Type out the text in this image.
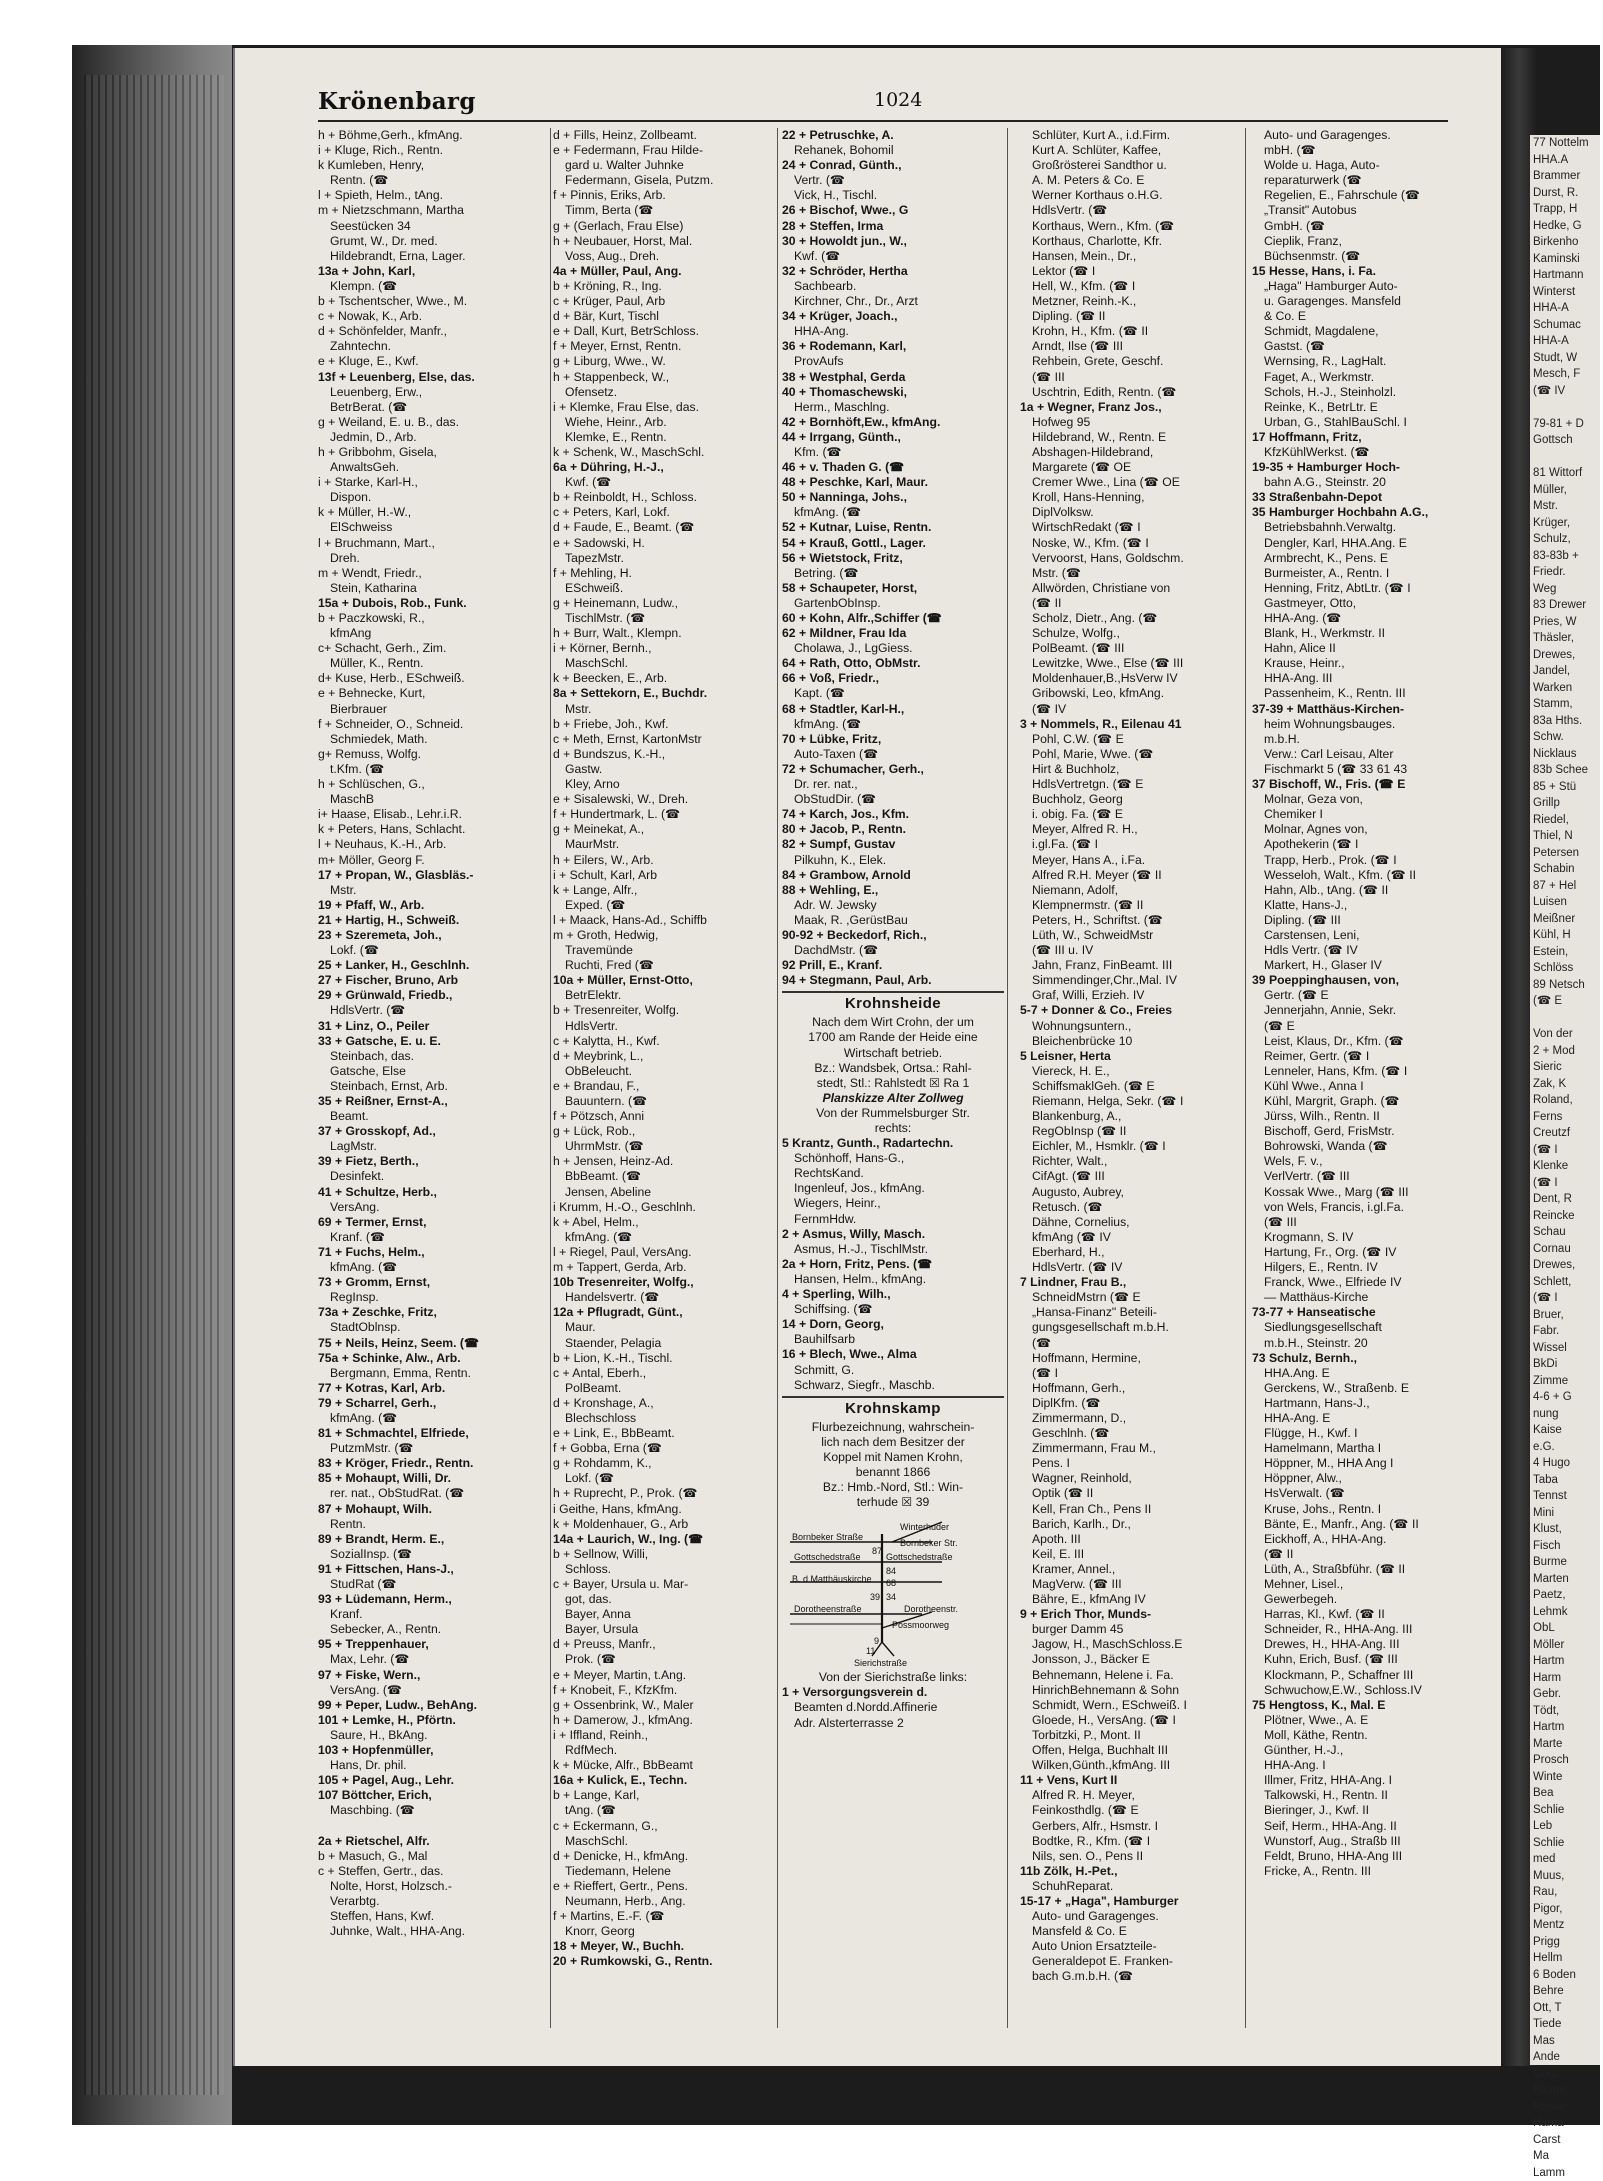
77 Nottelm
HHA.A
Brammer
Durst, R.
Trapp, H
Hedke, G
Birkenho
Kaminski
Hartmann
Winterst
HHA-A
Schumac
HHA-A
Studt, W
Mesch, F
(☎ IV
79-81 + D
Gottsch
81 Wittorf
Müller,
Mstr.
Krüger,
Schulz,
83-83b +
Friedr.
Weg
83 Drewer
Pries, W
Thäsler,
Drewes,
Jandel,
Warken
Stamm,
83a Hths.
Schw.
Nicklaus
83b Schee
85 + Stü
Grillp
Riedel,
Thiel, N
Petersen
Schabin
87 + Hel
Luisen
Meißner
Kühl, H
Estein,
Schlöss
89 Netsch
(☎ E
Von der
2 + Mod
Sieric
Zak, K
Roland,
Ferns
Creutzf
(☎ I
Klenke
(☎ I
Dent, R
Reincke
Schau
Cornau
Drewes,
Schlett,
(☎ I
Bruer,
Fabr.
Wissel
BkDi
Zimme
4-6 + G
nung
Kaise
e.G.
4 Hugo
Taba
Tennst
Mini
Klust,
Fisch
Burme
Marten
Paetz,
Lehmk
ObL
Möller
Hartm
Harm
Gebr.
Tödt,
Hartm
Marte
Prosch
Winte
Bea
Schlie
Leb
Schlie
med
Muus,
Rau,
Pigor,
Mentz
Prigg
Hellm
6 Boden
Behre
Ott, T
Tiede
Mas
Ande
Dunk
Richte
Rowar
Hama
Carst
Ma
Lamm
Krönenbarg	1024
h + Böhme,Gerh., kfmAng.
i + Kluge, Rich., Rentn.
k Kumleben, Henry,
Rentn. (☎
l + Spieth, Helm., tAng.
m + Nietzschmann, Martha
Seestücken 34
Grumt, W., Dr. med.
Hildebrandt, Erna, Lager.
13a + John, Karl,
Klempn. (☎
b + Tschentscher, Wwe., M.
c + Nowak, K., Arb.
d + Schönfelder, Manfr.,
Zahntechn.
e + Kluge, E., Kwf.
13f + Leuenberg, Else, das.
Leuenberg, Erw.,
BetrBerat. (☎
g + Weiland, E. u. B., das.
Jedmin, D., Arb.
h + Gribbohm, Gisela,
AnwaltsGeh.
i + Starke, Karl-H.,
Dispon.
k + Müller, H.-W.,
ElSchweiss
l + Bruchmann, Mart.,
Dreh.
m + Wendt, Friedr.,
Stein, Katharina
15a + Dubois, Rob., Funk.
b + Paczkowski, R.,
kfmAng
c+ Schacht, Gerh., Zim.
Müller, K., Rentn.
d+ Kuse, Herb., ESchweiß.
e + Behnecke, Kurt,
Bierbrauer
f + Schneider, O., Schneid.
Schmiedek, Math.
g+ Remuss, Wolfg.
t.Kfm. (☎
h + Schlüschen, G.,
MaschB
i+ Haase, Elisab., Lehr.i.R.
k + Peters, Hans, Schlacht.
l + Neuhaus, K.-H., Arb.
m+ Möller, Georg F.
17 + Propan, W., Glasbläs.-
Mstr.
19 + Pfaff, W., Arb.
21 + Hartig, H., Schweiß.
23 + Szeremeta, Joh.,
Lokf. (☎
25 + Lanker, H., Geschlnh.
27 + Fischer, Bruno, Arb
29 + Grünwald, Friedb.,
HdlsVertr. (☎
31 + Linz, O., Peiler
33 + Gatsche, E. u. E.
Steinbach, das.
Gatsche, Else
Steinbach, Ernst, Arb.
35 + Reißner, Ernst-A.,
Beamt.
37 + Grosskopf, Ad.,
LagMstr.
39 + Fietz, Berth.,
Desinfekt.
41 + Schultze, Herb.,
VersAng.
69 + Termer, Ernst,
Kranf. (☎
71 + Fuchs, Helm.,
kfmAng. (☎
73 + Gromm, Ernst,
RegInsp.
73a + Zeschke, Fritz,
StadtOblnsp.
75 + Neils, Heinz, Seem. (☎
75a + Schinke, Alw., Arb.
Bergmann, Emma, Rentn.
77 + Kotras, Karl, Arb.
79 + Scharrel, Gerh.,
kfmAng. (☎
81 + Schmachtel, Elfriede,
PutzmMstr. (☎
83 + Kröger, Friedr., Rentn.
85 + Mohaupt, Willi, Dr.
rer. nat., ObStudRat. (☎
87 + Mohaupt, Wilh.
Rentn.
89 + Brandt, Herm. E.,
SozialInsp. (☎
91 + Fittschen, Hans-J.,
StudRat (☎
93 + Lüdemann, Herm.,
Kranf.
Sebecker, A., Rentn.
95 + Treppenhauer,
Max, Lehr. (☎
97 + Fiske, Wern.,
VersAng. (☎
99 + Peper, Ludw., BehAng.
101 + Lemke, H., Pförtn.
Saure, H., BkAng.
103 + Hopfenmüller,
Hans, Dr. phil.
105 + Pagel, Aug., Lehr.
107 Böttcher, Erich,
Maschbing. (☎
2a + Rietschel, Alfr.
b + Masuch, G., Mal
c + Steffen, Gertr., das.
Nolte, Horst, Holzsch.-
Verarbtg.
Steffen, Hans, Kwf.
Juhnke, Walt., HHA-Ang.
d + Fills, Heinz, Zollbeamt.
e + Federmann, Frau Hilde-
gard u. Walter Juhnke
Federmann, Gisela, Putzm.
f + Pinnis, Eriks, Arb.
Timm, Berta (☎
g + (Gerlach, Frau Else)
h + Neubauer, Horst, Mal.
Voss, Aug., Dreh.
4a + Müller, Paul, Ang.
b + Kröning, R., Ing.
c + Krüger, Paul, Arb
d + Bär, Kurt, Tischl
e + Dall, Kurt, BetrSchloss.
f + Meyer, Ernst, Rentn.
g + Liburg, Wwe., W.
h + Stappenbeck, W.,
Ofensetz.
i + Klemke, Frau Else, das.
Wiehe, Heinr., Arb.
Klemke, E., Rentn.
k + Schenk, W., MaschSchl.
6a + Dühring, H.-J.,
Kwf. (☎
b + Reinboldt, H., Schloss.
c + Peters, Karl, Lokf.
d + Faude, E., Beamt. (☎
e + Sadowski, H.
TapezMstr.
f + Mehling, H.
ESchweiß.
g + Heinemann, Ludw.,
TischlMstr. (☎
h + Burr, Walt., Klempn.
i + Körner, Bernh.,
MaschSchl.
k + Beecken, E., Arb.
8a + Settekorn, E., Buchdr.
Mstr.
b + Friebe, Joh., Kwf.
c + Meth, Ernst, KartonMstr
d + Bundszus, K.-H.,
Gastw.
Kley, Arno
e + Sisalewski, W., Dreh.
f + Hundertmark, L. (☎
g + Meinekat, A.,
MaurMstr.
h + Eilers, W., Arb.
i + Schult, Karl, Arb
k + Lange, Alfr.,
Exped. (☎
l + Maack, Hans-Ad., Schiffb
m + Groth, Hedwig,
Travemünde
Ruchti, Fred (☎
10a + Müller, Ernst-Otto,
BetrElektr.
b + Tresenreiter, Wolfg.
HdlsVertr.
c + Kalytta, H., Kwf.
d + Meybrink, L.,
ObBeleucht.
e + Brandau, F.,
Bauuntern. (☎
f + Pötzsch, Anni
g + Lück, Rob.,
UhrmMstr. (☎
h + Jensen, Heinz-Ad.
BbBeamt. (☎
Jensen, Abeline
i Krumm, H.-O., Geschlnh.
k + Abel, Helm.,
kfmAng. (☎
l + Riegel, Paul, VersAng.
m + Tappert, Gerda, Arb.
10b Tresenreiter, Wolfg.,
Handelsvertr. (☎
12a + Pflugradt, Günt.,
Maur.
Staender, Pelagia
b + Lion, K.-H., Tischl.
c + Antal, Eberh.,
PolBeamt.
d + Kronshage, A.,
Blechschloss
e + Link, E., BbBeamt.
f + Gobba, Erna (☎
g + Rohdamm, K.,
Lokf. (☎
h + Ruprecht, P., Prok. (☎
i Geithe, Hans, kfmAng.
k + Moldenhauer, G., Arb
14a + Laurich, W., Ing. (☎
b + Sellnow, Willi,
Schloss.
c + Bayer, Ursula u. Mar-
got, das.
Bayer, Anna
Bayer, Ursula
d + Preuss, Manfr.,
Prok. (☎
e + Meyer, Martin, t.Ang.
f + Knobeit, F., KfzKfm.
g + Ossenbrink, W., Maler
h + Damerow, J., kfmAng.
i + Iffland, Reinh.,
RdfMech.
k + Mücke, Alfr., BbBeamt
16a + Kulick, E., Techn.
b + Lange, Karl,
tAng. (☎
c + Eckermann, G.,
MaschSchl.
d + Denicke, H., kfmAng.
Tiedemann, Helene
e + Rieffert, Gertr., Pens.
Neumann, Herb., Ang.
f + Martins, E.-F. (☎
Knorr, Georg
18 + Meyer, W., Buchh.
20 + Rumkowski, G., Rentn.
22 + Petruschke, A.
Rehanek, Bohomil
24 + Conrad, Günth.,
Vertr. (☎
Vick, H., Tischl.
26 + Bischof, Wwe., G
28 + Steffen, Irma
30 + Howoldt jun., W.,
Kwf. (☎
32 + Schröder, Hertha
Sachbearb.
Kirchner, Chr., Dr., Arzt
34 + Krüger, Joach.,
HHA-Ang.
36 + Rodemann, Karl,
ProvAufs
38 + Westphal, Gerda
40 + Thomaschewski,
Herm., Maschlng.
42 + Bornhöft,Ew., kfmAng.
44 + Irrgang, Günth.,
Kfm. (☎
46 + v. Thaden G. (☎
48 + Peschke, Karl, Maur.
50 + Nanninga, Johs.,
kfmAng. (☎
52 + Kutnar, Luise, Rentn.
54 + Krauß, Gottl., Lager.
56 + Wietstock, Fritz,
Betring. (☎
58 + Schaupeter, Horst,
GartenbObInsp.
60 + Kohn, Alfr.,Schiffer (☎
62 + Mildner, Frau Ida
Cholawa, J., LgGiess.
64 + Rath, Otto, ObMstr.
66 + Voß, Friedr.,
Kapt. (☎
68 + Stadtler, Karl-H.,
kfmAng. (☎
70 + Lübke, Fritz,
Auto-Taxen (☎
72 + Schumacher, Gerh.,
Dr. rer. nat.,
ObStudDir. (☎
74 + Karch, Jos., Kfm.
80 + Jacob, P., Rentn.
82 + Sumpf, Gustav
Pilkuhn, K., Elek.
84 + Grambow, Arnold
88 + Wehling, E.,
Adr. W. Jewsky
Maak, R. ,GerüstBau
90-92 + Beckedorf, Rich.,
DachdMstr. (☎
92 Prill, E., Kranf.
94 + Stegmann, Paul, Arb.
Krohnsheide
Nach dem Wirt Crohn, der um
1700 am Rande der Heide eine
Wirtschaft betrieb.
Bz.: Wandsbek, Ortsa.: Rahl-
stedt, Stl.: Rahlstedt ☒ Ra 1
Planskizze Alter Zollweg
Von der Rummelsburger Str.
rechts:
5 Krantz, Gunth., Radartechn.
Schönhoff, Hans-G.,
RechtsKand.
Ingenleuf, Jos., kfmAng.
Wiegers, Heinr.,
FernmHdw.
2 + Asmus, Willy, Masch.
Asmus, H.-J., TischlMstr.
2a + Horn, Fritz, Pens. (☎
Hansen, Helm., kfmAng.
4 + Sperling, Wilh.,
Schiffsing. (☎
14 + Dorn, Georg,
Bauhilfsarb
16 + Blech, Wwe., Alma
Schmitt, G.
Schwarz, Siegfr., Maschb.
Krohnskamp
Flurbezeichnung, wahrschein-
lich nach dem Besitzer der
Koppel mit Namen Krohn,
benannt 1866
Bz.: Hmb.-Nord, Stl.: Win-
terhude ☒ 39
Bornbeker Straße
Winterhuder
Bornbeker Str.
Gottschedstraße	Gottschedstraße
B. d Matthäuskirche
Dorotheenstraße	Dorotheenstr.
Possmoorweg
Sierichstraße
87
84
68
39 34
9
11
Von der Sierichstraße links:
1 + Versorgungsverein d.
Beamten d.Nordd.Affinerie
Adr. Alsterterrasse 2
Schlüter, Kurt A., i.d.Firm.
Kurt A. Schlüter, Kaffee,
Großrösterei Sandthor u.
A. M. Peters & Co. E
Werner Korthaus o.H.G.
HdlsVertr. (☎
Korthaus, Wern., Kfm. (☎
Korthaus, Charlotte, Kfr.
Hansen, Mein., Dr.,
Lektor (☎ I
Hell, W., Kfm. (☎ I
Metzner, Reinh.-K.,
Dipling. (☎ II
Krohn, H., Kfm. (☎ II
Arndt, Ilse (☎ III
Rehbein, Grete, Geschf.
(☎ III
Uschtrin, Edith, Rentn. (☎
1a + Wegner, Franz Jos.,
Hofweg 95
Hildebrand, W., Rentn. E
Abshagen-Hildebrand,
Margarete (☎ OE
Cremer Wwe., Lina (☎ OE
Kroll, Hans-Henning,
DiplVolksw.
WirtschRedakt (☎ I
Noske, W., Kfm. (☎ I
Vervoorst, Hans, Goldschm.
Mstr. (☎
Allwörden, Christiane von
(☎ II
Scholz, Dietr., Ang. (☎
Schulze, Wolfg.,
PolBeamt. (☎ III
Lewitzke, Wwe., Else (☎ III
Moldenhauer,B.,HsVerw IV
Gribowski, Leo, kfmAng.
(☎ IV
3 + Nommels, R., Eilenau 41
Pohl, C.W. (☎ E
Pohl, Marie, Wwe. (☎
Hirt & Buchholz,
HdlsVertretgn. (☎ E
Buchholz, Georg
i. obig. Fa. (☎ E
Meyer, Alfred R. H.,
i.gl.Fa. (☎ I
Meyer, Hans A., i.Fa.
Alfred R.H. Meyer (☎ II
Niemann, Adolf,
Klempnermstr. (☎ II
Peters, H., Schriftst. (☎
Lüth, W., SchweidMstr
(☎ III u. IV
Jahn, Franz, FinBeamt. III
Simmendinger,Chr.,Mal. IV
Graf, Willi, Erzieh. IV
5-7 + Donner & Co., Freies
Wohnungsuntern.,
Bleichenbrücke 10
5 Leisner, Herta
Viereck, H. E.,
SchiffsmaklGeh. (☎ E
Riemann, Helga, Sekr. (☎ I
Blankenburg, A.,
RegObInsp (☎ II
Eichler, M., Hsmklr. (☎ I
Richter, Walt.,
CifAgt. (☎ III
Augusto, Aubrey,
Retusch. (☎
Dähne, Cornelius,
kfmAng (☎ IV
Eberhard, H.,
HdlsVertr. (☎ IV
7 Lindner, Frau B.,
SchneidMstrn (☎ E
„Hansa-Finanz" Beteili-
gungsgesellschaft m.b.H.
(☎
Hoffmann, Hermine,
(☎ I
Hoffmann, Gerh.,
DiplKfm. (☎
Zimmermann, D.,
Geschlnh. (☎
Zimmermann, Frau M.,
Pens. I
Wagner, Reinhold,
Optik (☎ II
Kell, Fran Ch., Pens II
Barich, Karlh., Dr.,
Apoth. III
Keil, E. III
Kramer, Annel.,
MagVerw. (☎ III
Bähre, E., kfmAng IV
9 + Erich Thor, Munds-
burger Damm 45
Jagow, H., MaschSchloss.E
Jonsson, J., Bäcker E
Behnemann, Helene i. Fa.
HinrichBehnemann & Sohn
Schmidt, Wern., ESchweiß. I
Gloede, H., VersAng. (☎ I
Torbitzki, P., Mont. II
Offen, Helga, Buchhalt III
Wilken,Günth.,kfmAng. III
11 + Vens, Kurt II
Alfred R. H. Meyer,
Feinkosthdlg. (☎ E
Gerbers, Alfr., Hsmstr. I
Bodtke, R., Kfm. (☎ I
Nils, sen. O., Pens II
11b Zölk, H.-Pet.,
SchuhReparat.
15-17 + „Haga", Hamburger
Auto- und Garagenges.
Mansfeld & Co. E
Auto Union Ersatzteile-
Generaldepot E. Franken-
bach G.m.b.H. (☎
Auto- und Garagenges.
mbH. (☎
Wolde u. Haga, Auto-
reparaturwerk (☎
Regelien, E., Fahrschule (☎
„Transit" Autobus
GmbH. (☎
Cieplik, Franz,
Büchsenmstr. (☎
15 Hesse, Hans, i. Fa.
„Haga" Hamburger Auto-
u. Garagenges. Mansfeld
& Co. E
Schmidt, Magdalene,
Gastst. (☎
Wernsing, R., LagHalt.
Faget, A., Werkmstr.
Schols, H.-J., Steinholzl.
Reinke, K., BetrLtr. E
Urban, G., StahlBauSchl. I
17 Hoffmann, Fritz,
KfzKühlWerkst. (☎
19-35 + Hamburger Hoch-
bahn A.G., Steinstr. 20
33 Straßenbahn-Depot
35 Hamburger Hochbahn A.G.,
Betriebsbahnh.Verwaltg.
Dengler, Karl, HHA.Ang. E
Armbrecht, K., Pens. E
Burmeister, A., Rentn. I
Henning, Fritz, AbtLtr. (☎ I
Gastmeyer, Otto,
HHA-Ang. (☎
Blank, H., Werkmstr. II
Hahn, Alice II
Krause, Heinr.,
HHA-Ang. III
Passenheim, K., Rentn. III
37-39 + Matthäus-Kirchen-
heim Wohnungsbauges.
m.b.H.
Verw.: Carl Leisau, Alter
Fischmarkt 5 (☎ 33 61 43
37 Bischoff, W., Fris. (☎ E
Molnar, Geza von,
Chemiker I
Molnar, Agnes von,
Apothekerin (☎ I
Trapp, Herb., Prok. (☎ I
Wesseloh, Walt., Kfm. (☎ II
Hahn, Alb., tAng. (☎ II
Klatte, Hans-J.,
Dipling. (☎ III
Carstensen, Leni,
Hdls Vertr. (☎ IV
Markert, H., Glaser IV
39 Poeppinghausen, von,
Gertr. (☎ E
Jennerjahn, Annie, Sekr.
(☎ E
Leist, Klaus, Dr., Kfm. (☎
Reimer, Gertr. (☎ I
Lenneler, Hans, Kfm. (☎ I
Kühl Wwe., Anna I
Kühl, Margrit, Graph. (☎
Jürss, Wilh., Rentn. II
Bischoff, Gerd, FrisMstr.
Bohrowski, Wanda (☎
Wels, F. v.,
VerlVertr. (☎ III
Kossak Wwe., Marg (☎ III
von Wels, Francis, i.gl.Fa.
(☎ III
Krogmann, S. IV
Hartung, Fr., Org. (☎ IV
Hilgers, E., Rentn. IV
Franck, Wwe., Elfriede IV
— Matthäus-Kirche
73-77 + Hanseatische
Siedlungsgesellschaft
m.b.H., Steinstr. 20
73 Schulz, Bernh.,
HHA.Ang. E
Gerckens, W., Straßenb. E
Hartmann, Hans-J.,
HHA-Ang. E
Flügge, H., Kwf. I
Hamelmann, Martha I
Höppner, M., HHA Ang I
Höppner, Alw.,
HsVerwalt. (☎
Kruse, Johs., Rentn. I
Bänte, E., Manfr., Ang. (☎ II
Eickhoff, A., HHA-Ang.
(☎ II
Lüth, A., Straßbführ. (☎ II
Mehner, Lisel.,
Gewerbegeh.
Harras, Kl., Kwf. (☎ II
Schneider, R., HHA-Ang. III
Drewes, H., HHA-Ang. III
Kuhn, Erich, Busf. (☎ III
Klockmann, P., Schaffner III
Schwuchow,E.W., Schloss.IV
75 Hengtoss, K., Mal. E
Plötner, Wwe., A. E
Moll, Käthe, Rentn.
Günther, H.-J.,
HHA-Ang. I
Illmer, Fritz, HHA-Ang. I
Talkowski, H., Rentn. II
Bieringer, J., Kwf. II
Seif, Herm., HHA-Ang. II
Wunstorf, Aug., Straßb III
Feldt, Bruno, HHA-Ang III
Fricke, A., Rentn. III
